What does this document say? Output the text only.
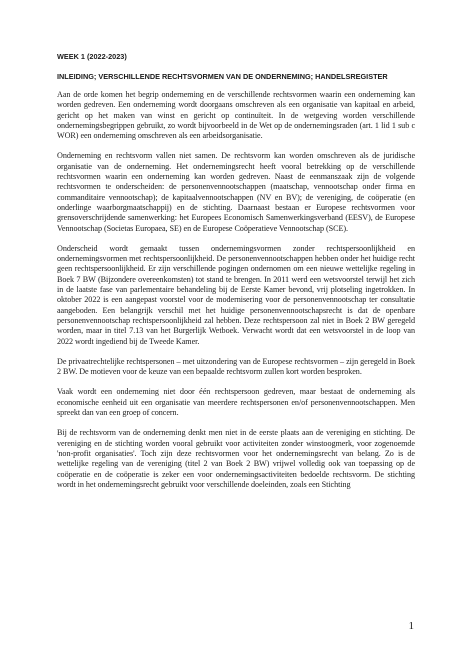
WEEK 1 (2022-2023)
INLEIDING; VERSCHILLENDE RECHTSVORMEN VAN DE ONDERNEMING; HANDELSREGISTER

Aan de orde komen het begrip onderneming en de verschillende rechtsvormen waarin een onderneming kan worden gedreven. Een onderneming wordt doorgaans omschreven als een organisatie van kapitaal en arbeid, gericht op het maken van winst en gericht op continuïteit. In de wetgeving worden verschillende ondernemingsbegrippen gebruikt, zo wordt bijvoorbeeld in de Wet op de ondernemingsraden (art. 1 lid 1 sub c WOR) een onderneming omschreven als een arbeidsorganisatie.

Onderneming en rechtsvorm vallen niet samen. De rechtsvorm kan worden omschreven als de juridische organisatie van de onderneming. Het ondernemingsrecht heeft vooral betrekking op de verschillende rechtsvormen waarin een onderneming kan worden gedreven. Naast de eenmanszaak zijn de volgende rechtsvormen te onderscheiden: de personenvennootschappen (maatschap, vennootschap onder firma en commanditaire vennootschap); de kapitaalvennootschappen (NV en BV); de vereniging, de coöperatie (en onderlinge waarborgmaatschappij) en de stichting. Daarnaast bestaan er Europese rechtsvormen voor grensoverschrijdende samenwerking: het Europees Economisch Samenwerkingsverband (EESV), de Europese Vennootschap (Societas Europaea, SE) en de Europese Coöperatieve Vennootschap (SCE).

Onderscheid wordt gemaakt tussen ondernemingsvormen zonder rechtspersoonlijkheid en ondernemingsvormen met rechtspersoonlijkheid. De personenvennootschappen hebben onder het huidige recht geen rechtspersoonlijkheid. Er zijn verschillende pogingen ondernomen om een nieuwe wettelijke regeling in Boek 7 BW (Bijzondere overeenkomsten) tot stand te brengen. In 2011 werd een wetsvoorstel terwijl het zich in de laatste fase van parlementaire behandeling bij de Eerste Kamer bevond, vrij plotseling ingetrokken. In oktober 2022 is een aangepast voorstel voor de modernisering voor de personenvennootschap ter consultatie aangeboden. Een belangrijk verschil met het huidige personenvennootschapsrecht is dat de openbare personenvennootschap rechtspersoonlijkheid zal hebben. Deze rechtspersoon zal niet in Boek 2 BW geregeld worden, maar in titel 7.13 van het Burgerlijk Wetboek. Verwacht wordt dat een wetsvoorstel in de loop van 2022 wordt ingediend bij de Tweede Kamer.

De privaatrechtelijke rechtspersonen – met uitzondering van de Europese rechtsvormen – zijn geregeld in Boek 2 BW. De motieven voor de keuze van een bepaalde rechtsvorm zullen kort worden besproken.

Vaak wordt een onderneming niet door één rechtspersoon gedreven, maar bestaat de onderneming als economische eenheid uit een organisatie van meerdere rechtspersonen en/of personenvennootschappen. Men spreekt dan van een groep of concern.

Bij de rechtsvorm van de onderneming denkt men niet in de eerste plaats aan de vereniging en stichting. De vereniging en de stichting worden vooral gebruikt voor activiteiten zonder winstoogmerk, voor zogenoemde 'non-profit organisaties'. Toch zijn deze rechtsvormen voor het ondernemingsrecht van belang. Zo is de wettelijke regeling van de vereniging (titel 2 van Boek 2 BW) vrijwel volledig ook van toepassing op de coöperatie en de coöperatie is zeker een voor ondernemingsactiviteiten bedoelde rechtsvorm. De stichting wordt in het ondernemingsrecht gebruikt voor verschillende doeleinden, zoals een Stichting

1
